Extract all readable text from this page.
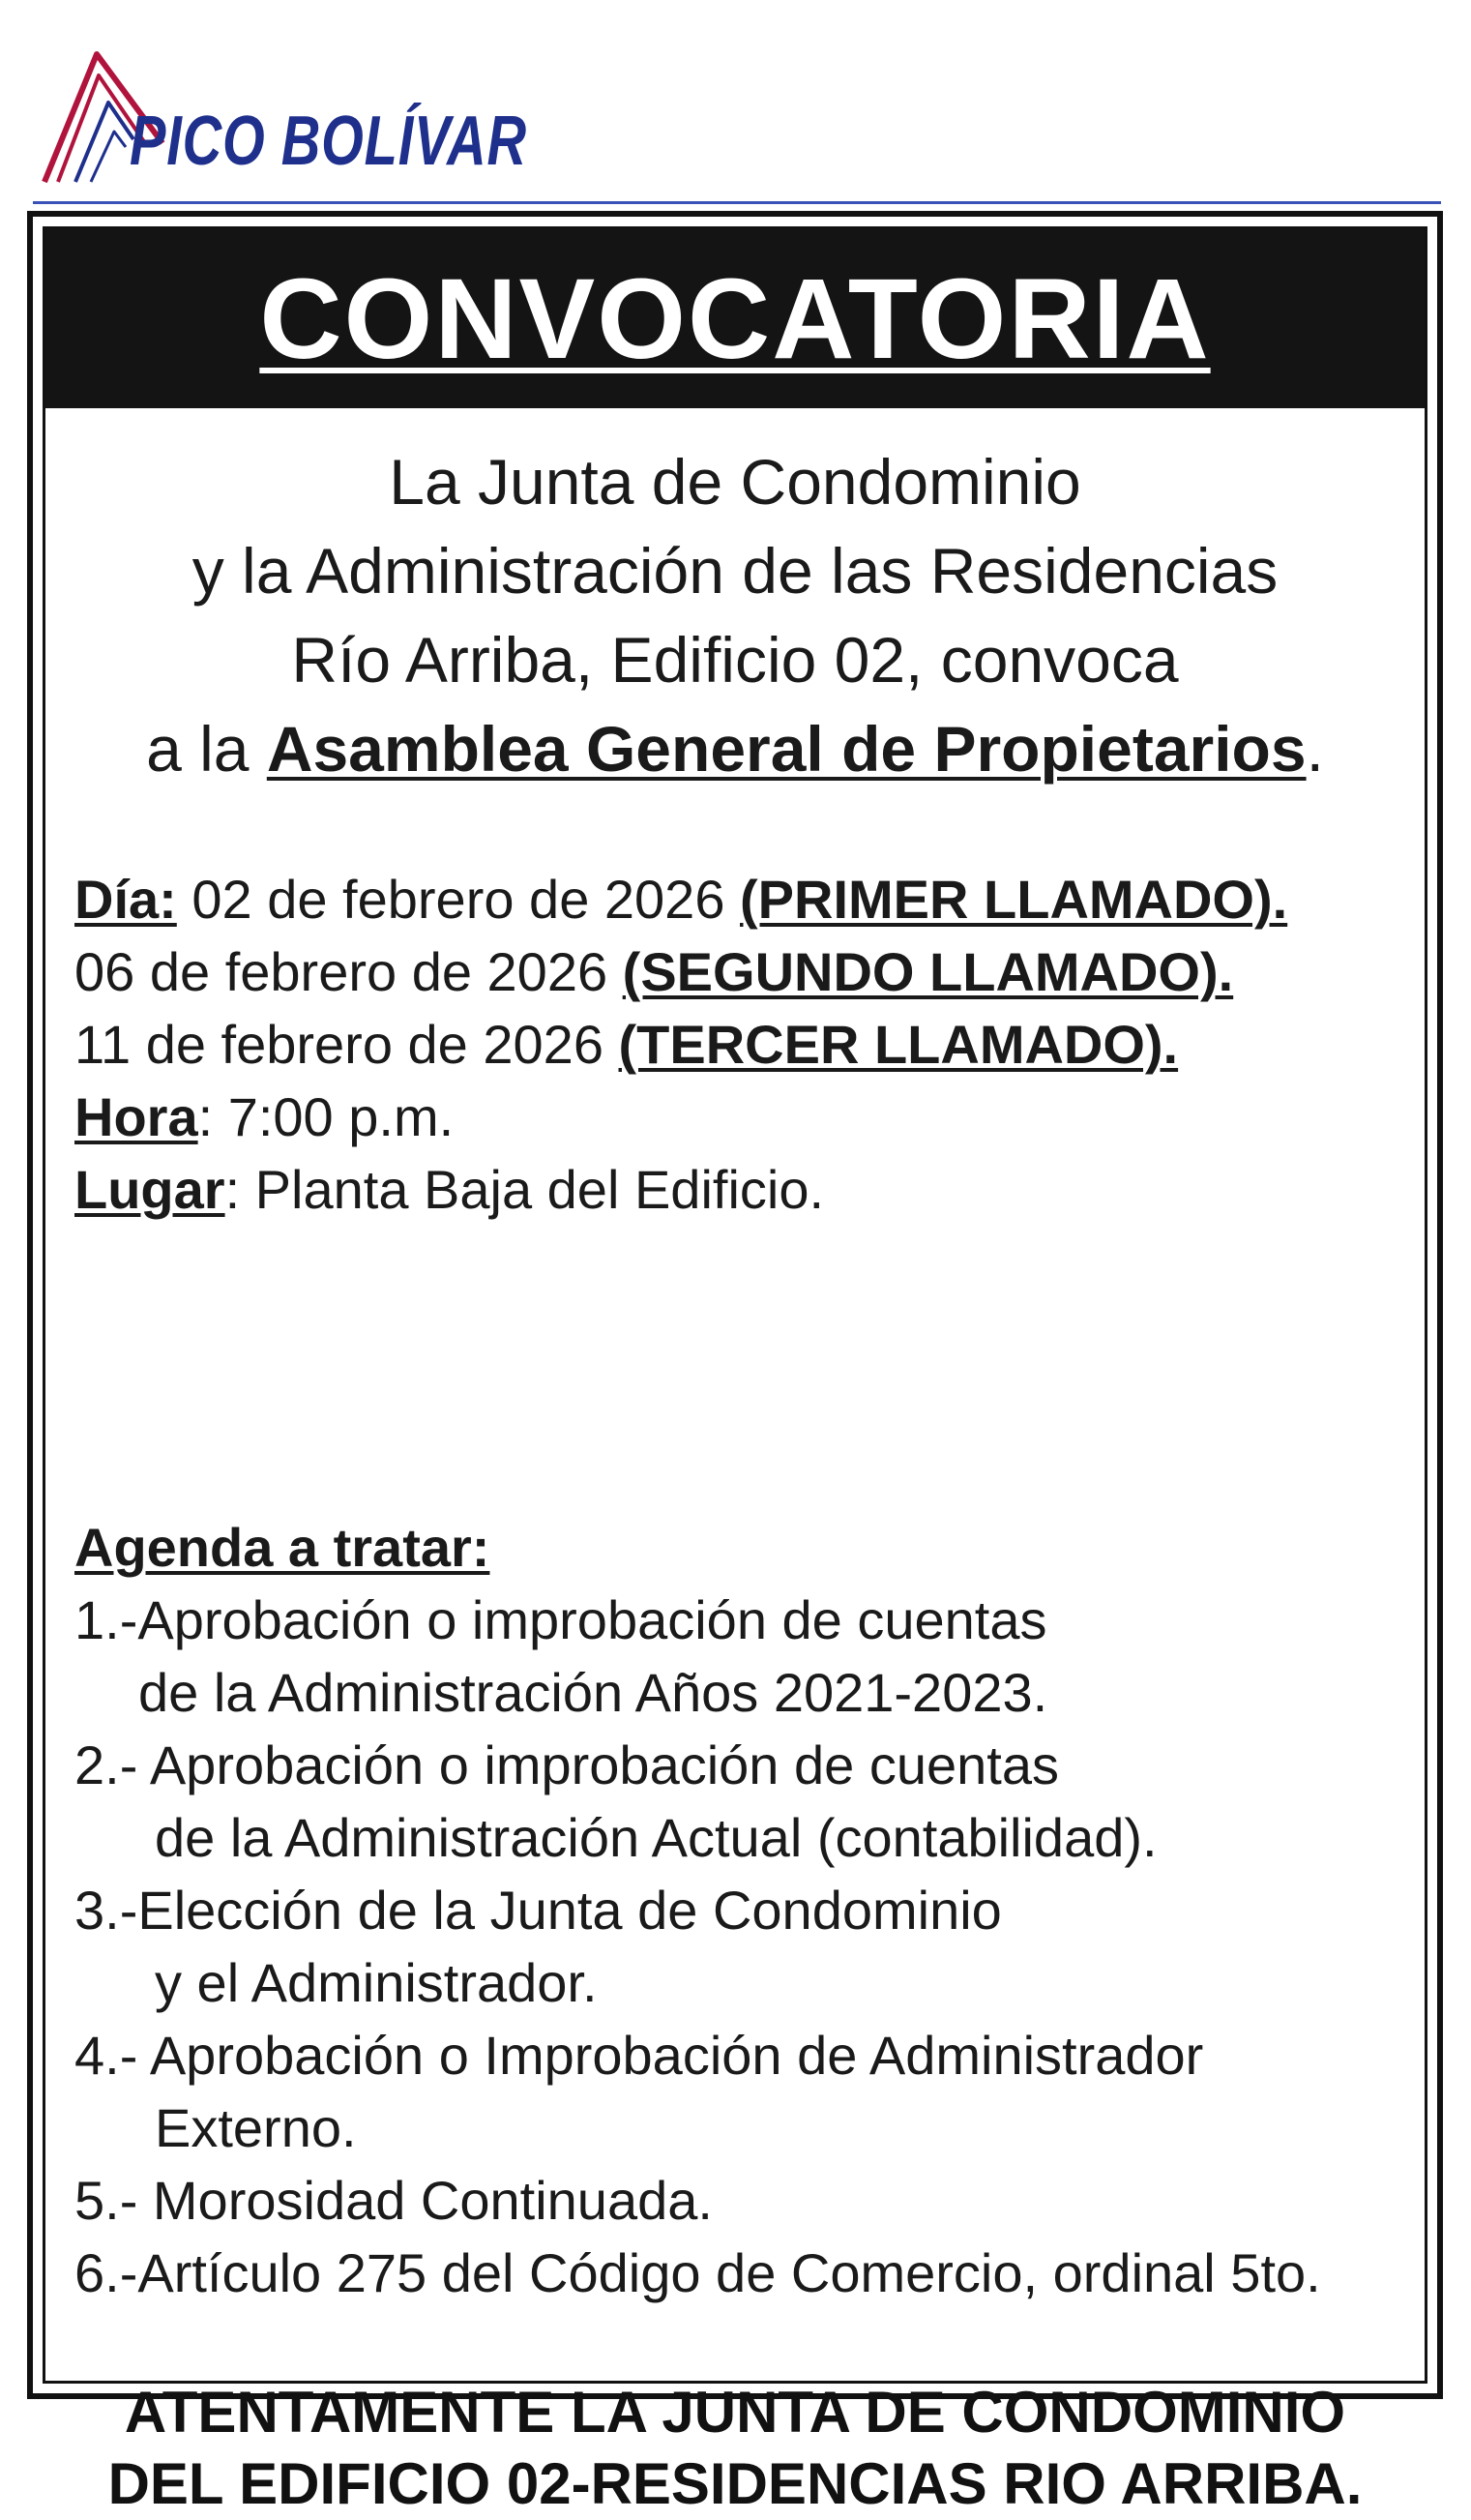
PICO BOLÍVAR
CONVOCATORIA
La Junta de Condominio
y la Administración de las Residencias
Río Arriba, Edificio 02, convoca
a la Asamblea General de Propietarios.
Día: 02 de febrero de 2026 (PRIMER LLAMADO).
06 de febrero de 2026 (SEGUNDO LLAMADO).
11 de febrero de 2026 (TERCER LLAMADO).
Hora: 7:00 p.m.
Lugar: Planta Baja del Edificio.
Agenda a tratar:
1.-Aprobación o improbación de cuentas
de la Administración Años 2021-2023.
2.- Aprobación o improbación de cuentas
de la Administración Actual (contabilidad).
3.-Elección de la Junta de Condominio
y el Administrador.
4.- Aprobación o Improbación de Administrador
Externo.
5.- Morosidad Continuada.
6.-Artículo 275 del Código de Comercio, ordinal 5to.
ATENTAMENTE LA JUNTA DE CONDOMINIO
DEL EDIFICIO 02-RESIDENCIAS RIO ARRIBA.
